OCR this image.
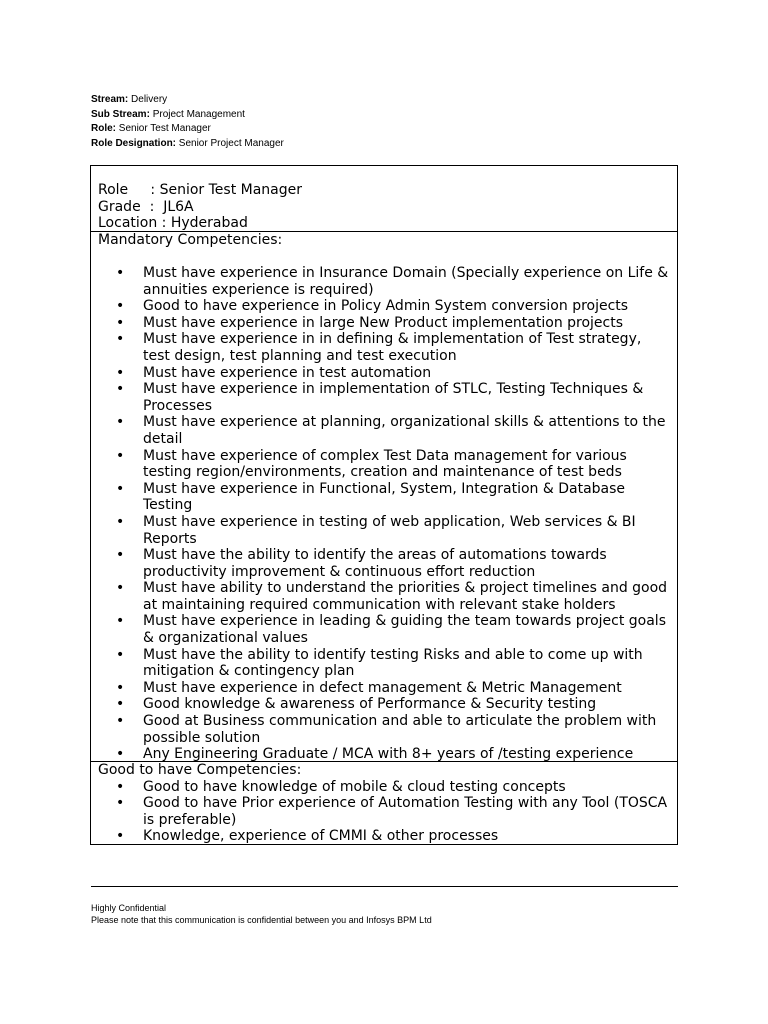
Stream: Delivery
Sub Stream: Project Management
Role: Senior Test Manager
Role Designation: Senior Project Manager
Role     : Senior Test Manager
Grade  :  JL6A
Location : Hyderabad
Mandatory Competencies:
• Must have experience in Insurance Domain (Specially experience on Life & annuities experience is required)
• Good to have experience in Policy Admin System conversion projects
• Must have experience in large New Product implementation projects
• Must have experience in in defining & implementation of Test strategy, test design, test planning and test execution
• Must have experience in test automation
• Must have experience in implementation of STLC, Testing Techniques & Processes
• Must have experience at planning, organizational skills & attentions to the detail
• Must have experience of complex Test Data management for various testing region/environments, creation and maintenance of test beds
• Must have experience in Functional, System, Integration & Database Testing
• Must have experience in testing of web application, Web services & BI Reports
• Must have the ability to identify the areas of automations towards productivity improvement & continuous effort reduction
• Must have ability to understand the priorities & project timelines and good at maintaining required communication with relevant stake holders
• Must have experience in leading & guiding the team towards project goals & organizational values
• Must have the ability to identify testing Risks and able to come up with mitigation & contingency plan
• Must have experience in defect management & Metric Management
• Good knowledge & awareness of Performance & Security testing
• Good at Business communication and able to articulate the problem with possible solution
• Any Engineering Graduate / MCA with 8+ years of /testing experience
Good to have Competencies:
• Good to have knowledge of mobile & cloud testing concepts
• Good to have Prior experience of Automation Testing with any Tool (TOSCA is preferable)
• Knowledge, experience of CMMI & other processes
Highly Confidential
Please note that this communication is confidential between you and Infosys BPM Ltd
